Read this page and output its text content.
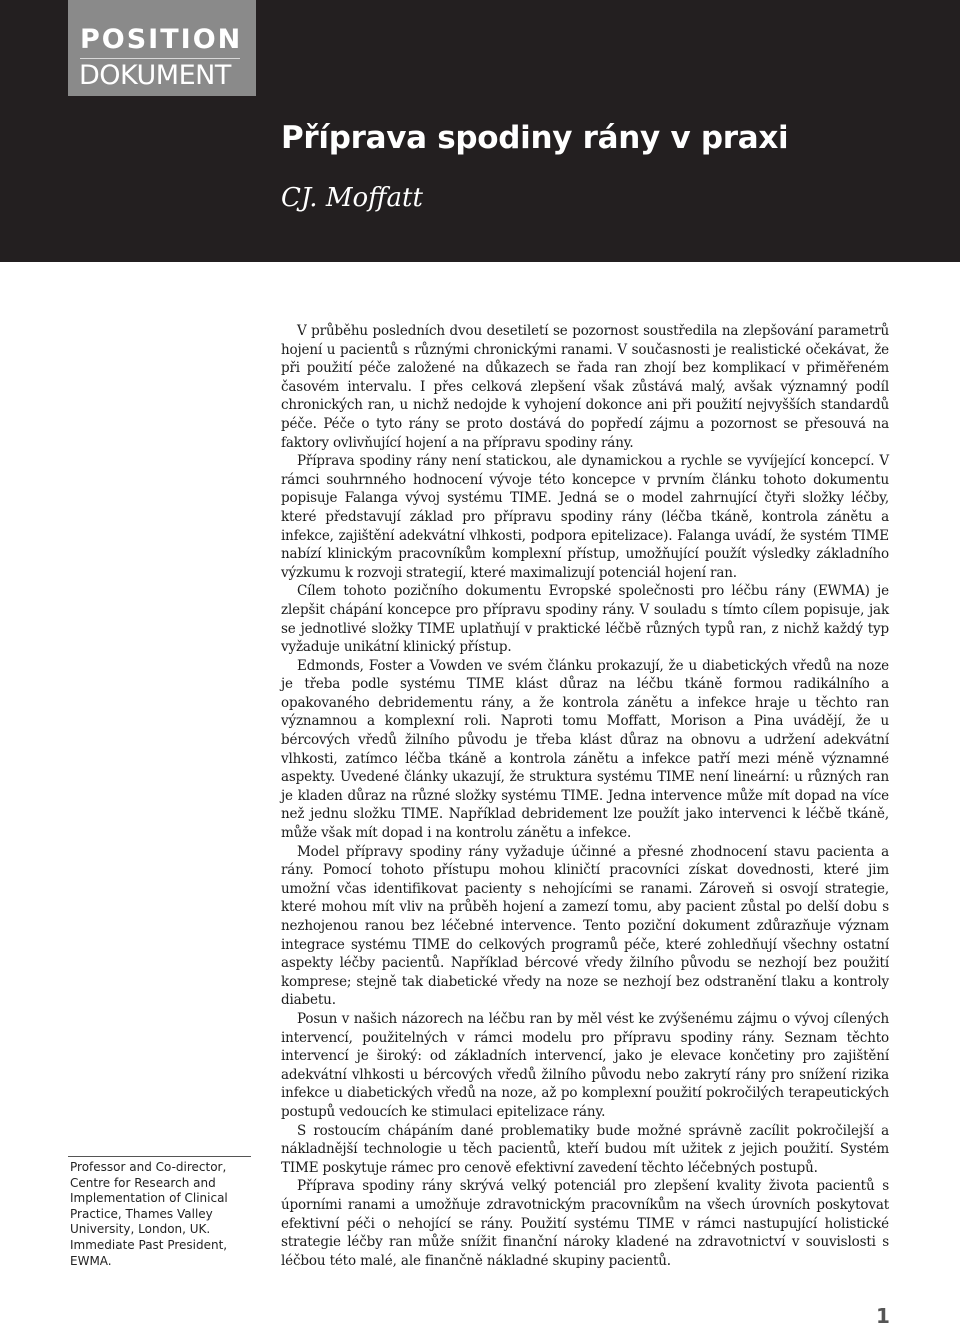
POSITION
DOKUMENT
Příprava spodiny rány v praxi
CJ. Moffatt

V průběhu posledních dvou desetiletí se pozornost soustředila na zlepšování parametrů hojení u pacientů s různými chronickými ranami. V současnosti je realistické očekávat, že při použití péče založené na důkazech se řada ran zhojí bez komplikací v přiměřeném časovém intervalu. I přes celková zlepšení však zůstává malý, avšak významný podíl chronických ran, u nichž nedojde k vyhojení dokonce ani při použití nejvyšších standardů péče. Péče o tyto rány se proto dostává do popředí zájmu a pozornost se přesouvá na faktory ovlivňující hojení a na přípravu spodiny rány.

Příprava spodiny rány není statickou, ale dynamickou a rychle se vyvíjející koncepcí. V rámci souhrnného hodnocení vývoje této koncepce v prvním článku tohoto dokumentu popisuje Falanga vývoj systému TIME. Jedná se o model zahrnující čtyři složky léčby, které představují základ pro přípravu spodiny rány (léčba tkáně, kontrola zánětu a infekce, zajištění adekvátní vlhkosti, podpora epitelizace). Falanga uvádí, že systém TIME nabízí klinickým pracovníkům komplexní přístup, umožňující použít výsledky základního výzkumu k rozvoji strategií, které maximalizují potenciál hojení ran.

Cílem tohoto pozičního dokumentu Evropské společnosti pro léčbu rány (EWMA) je zlepšit chápání koncepce pro přípravu spodiny rány. V souladu s tímto cílem popisuje, jak se jednotlivé složky TIME uplatňují v praktické léčbě různých typů ran, z nichž každý typ vyžaduje unikátní klinický přístup.

Edmonds, Foster a Vowden ve svém článku prokazují, že u diabetických vředů na noze je třeba podle systému TIME klást důraz na léčbu tkáně formou radikálního a opakovaného debridementu rány, a že kontrola zánětu a infekce hraje u těchto ran významnou a komplexní roli. Naproti tomu Moffatt, Morison a Pina uvádějí, že u bércových vředů žilního původu je třeba klást důraz na obnovu a udržení adekvátní vlhkosti, zatímco léčba tkáně a kontrola zánětu a infekce patří mezi méně významné aspekty. Uvedené články ukazují, že struktura systému TIME není lineární: u různých ran je kladen důraz na různé složky systému TIME. Jedna intervence může mít dopad na více než jednu složku TIME. Například debridement lze použít jako intervenci k léčbě tkáně, může však mít dopad i na kontrolu zánětu a infekce.

Model přípravy spodiny rány vyžaduje účinné a přesné zhodnocení stavu pacienta a rány. Pomocí tohoto přístupu mohou kliničtí pracovníci získat dovednosti, které jim umožní včas identifikovat pacienty s nehojícími se ranami. Zároveň si osvojí strategie, které mohou mít vliv na průběh hojení a zamezí tomu, aby pacient zůstal po delší dobu s nezhojenou ranou bez léčebné intervence. Tento poziční dokument zdůrazňuje význam integrace systému TIME do celkových programů péče, které zohledňují všechny ostatní aspekty léčby pacientů. Například bércové vředy žilního původu se nezhojí bez použití komprese; stejně tak diabetické vředy na noze se nezhojí bez odstranění tlaku a kontroly diabetu.

Posun v našich názorech na léčbu ran by měl vést ke zvýšenému zájmu o vývoj cílených intervencí, použitelných v rámci modelu pro přípravu spodiny rány. Seznam těchto intervencí je široký: od základních intervencí, jako je elevace končetiny pro zajištění adekvátní vlhkosti u bércových vředů žilního původu nebo zakrytí rány pro snížení rizika infekce u diabetických vředů na noze, až po komplexní použití pokročilých terapeutických postupů vedoucích ke stimulaci epitelizace rány.

S rostoucím chápáním dané problematiky bude možné správně zacílit pokročilejší a nákladnější technologie u těch pacientů, kteří budou mít užitek z jejich použití. Systém TIME poskytuje rámec pro cenově efektivní zavedení těchto léčebných postupů.

Příprava spodiny rány skrývá velký potenciál pro zlepšení kvality života pacientů s úporními ranami a umožňuje zdravotnickým pracovníkům na všech úrovních poskytovat efektivní péči o nehojící se rány. Použití systému TIME v rámci nastupující holistické strategie léčby ran může snížit finanční nároky kladené na zdravotnictví v souvislosti s léčbou této malé, ale finančně nákladné skupiny pacientů.

Professor and Co-director, Centre for Research and Implementation of Clinical Practice, Thames Valley University, London, UK. Immediate Past President, EWMA.
1
